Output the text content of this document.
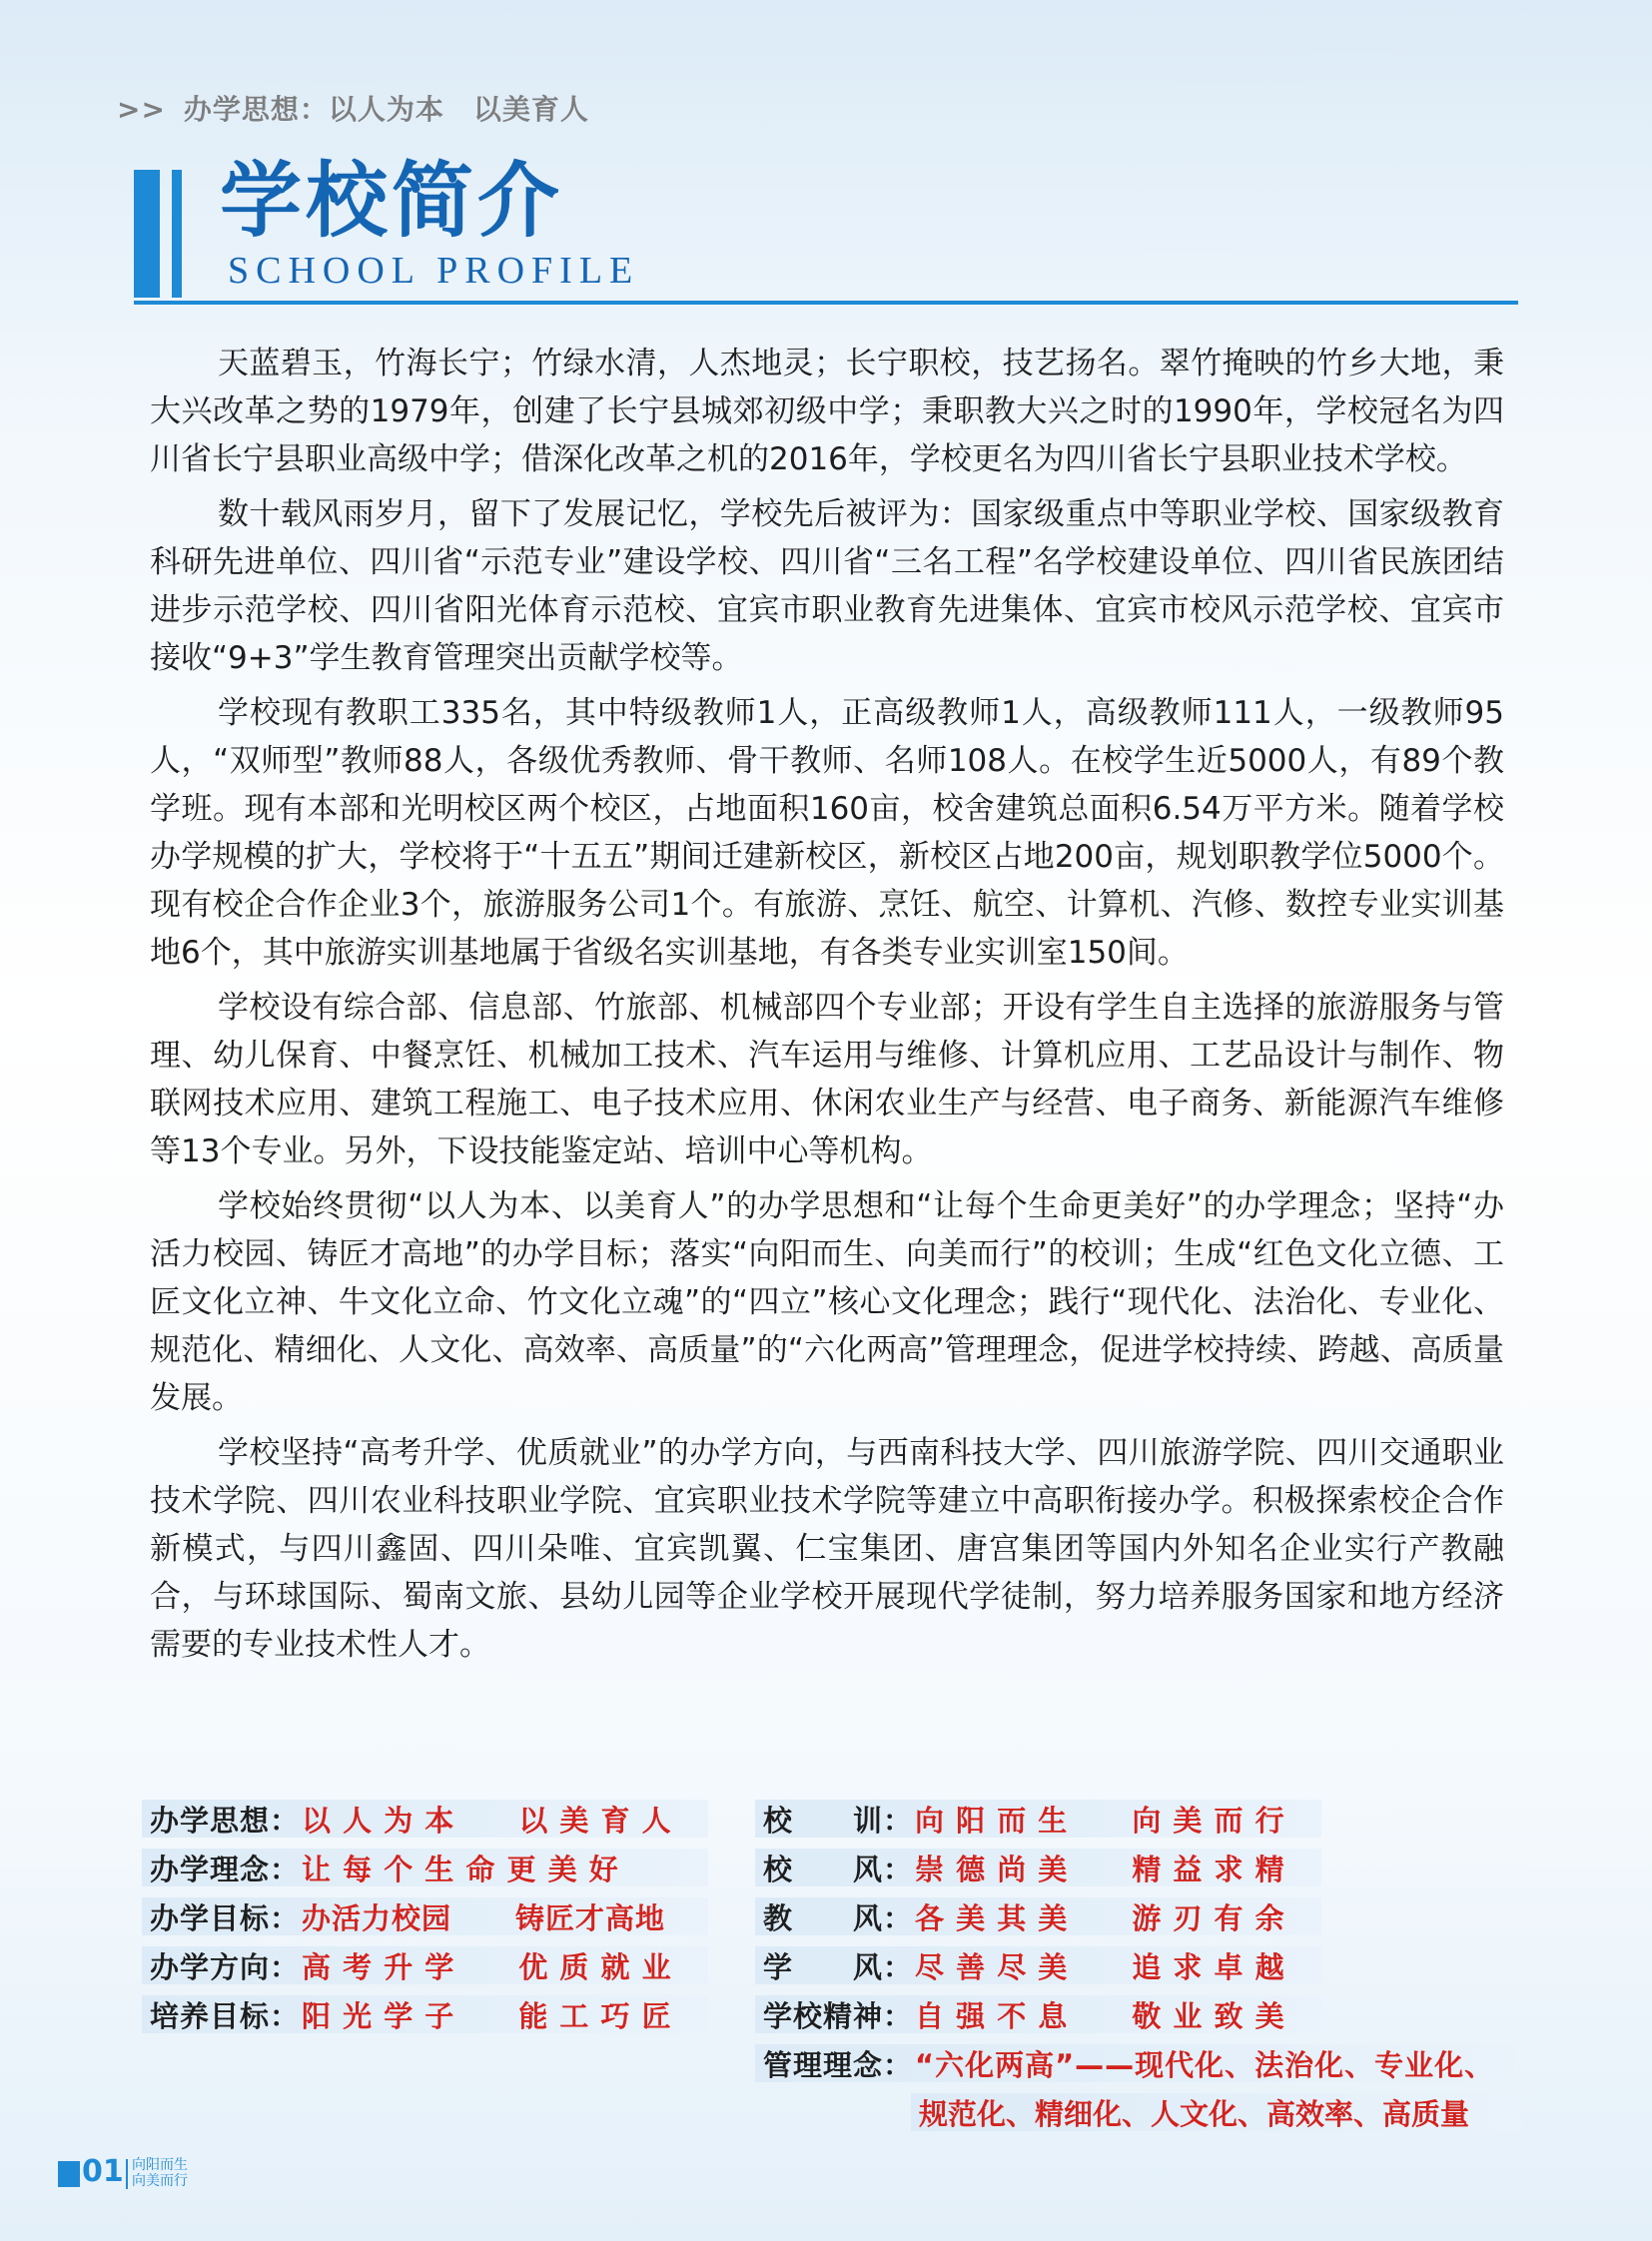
>> 办学思想：以人为本　以美育人
学校简介
SCHOOL PROFILE

天蓝碧玉，竹海长宁；竹绿水清，人杰地灵；长宁职校，技艺扬名。翠竹掩映的竹乡大地，秉大兴改革之势的1979年，创建了长宁县城郊初级中学；秉职教大兴之时的1990年，学校冠名为四川省长宁县职业高级中学；借深化改革之机的2016年，学校更名为四川省长宁县职业技术学校。

数十载风雨岁月，留下了发展记忆，学校先后被评为：国家级重点中等职业学校、国家级教育科研先进单位、四川省“示范专业”建设学校、四川省“三名工程”名学校建设单位、四川省民族团结进步示范学校、四川省阳光体育示范校、宜宾市职业教育先进集体、宜宾市校风示范学校、宜宾市接收“9+3”学生教育管理突出贡献学校等。

学校现有教职工335名，其中特级教师1人，正高级教师1人，高级教师111人，一级教师95人，“双师型”教师88人，各级优秀教师、骨干教师、名师108人。在校学生近5000人，有89个教学班。现有本部和光明校区两个校区，占地面积160亩，校舍建筑总面积6.54万平方米。随着学校办学规模的扩大，学校将于“十五五”期间迁建新校区，新校区占地200亩，规划职教学位5000个。现有校企合作企业3个，旅游服务公司1个。有旅游、烹饪、航空、计算机、汽修、数控专业实训基地6个，其中旅游实训基地属于省级名实训基地，有各类专业实训室150间。

学校设有综合部、信息部、竹旅部、机械部四个专业部；开设有学生自主选择的旅游服务与管理、幼儿保育、中餐烹饪、机械加工技术、汽车运用与维修、计算机应用、工艺品设计与制作、物联网技术应用、建筑工程施工、电子技术应用、休闲农业生产与经营、电子商务、新能源汽车维修等13个专业。另外，下设技能鉴定站、培训中心等机构。

学校始终贯彻“以人为本、以美育人”的办学思想和“让每个生命更美好”的办学理念；坚持“办活力校园、铸匠才高地”的办学目标；落实“向阳而生、向美而行”的校训；生成“红色文化立德、工匠文化立神、牛文化立命、竹文化立魂”的“四立”核心文化理念；践行“现代化、法治化、专业化、规范化、精细化、人文化、高效率、高质量”的“六化两高”管理理念，促进学校持续、跨越、高质量发展。

学校坚持“高考升学、优质就业”的办学方向，与西南科技大学、四川旅游学院、四川交通职业技术学院、四川农业科技职业学院、宜宾职业技术学院等建立中高职衔接办学。积极探索校企合作新模式，与四川鑫固、四川朵唯、宜宾凯翼、仁宝集团、唐宫集团等国内外知名企业实行产教融合，与环球国际、蜀南文旅、县幼儿园等企业学校开展现代学徒制，努力培养服务国家和地方经济需要的专业技术性人才。

办学思想： 以 人 为 本 以 美 育 人
办学理念： 让 每 个 生 命 更 美 好
办学目标： 办活力校园 铸匠才高地
办学方向： 高 考 升 学 优 质 就 业
培养目标： 阳 光 学 子 能 工 巧 匠
校　　训： 向 阳 而 生 向 美 而 行
校　　风： 崇 德 尚 美 精 益 求 精
教　　风： 各 美 其 美 游 刃 有 余
学　　风： 尽 善 尽 美 追 求 卓 越
学校精神： 自 强 不 息 敬 业 致 美
管理理念： “六化两高”——现代化、法治化、专业化、
规范化、精细化、人文化、高效率、高质量
01 向阳而生
向美而行
